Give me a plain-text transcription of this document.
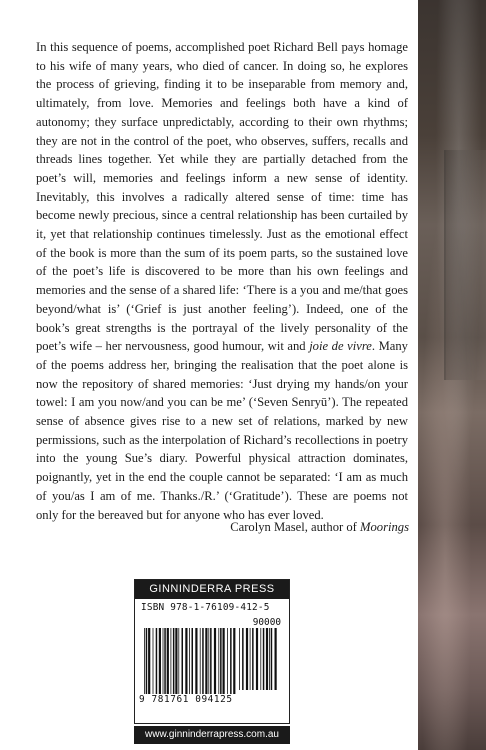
In this sequence of poems, accomplished poet Richard Bell pays homage to his wife of many years, who died of cancer. In doing so, he explores the process of grieving, finding it to be inseparable from memory and, ultimately, from love. Memories and feelings both have a kind of autonomy; they surface unpredictably, according to their own rhythms; they are not in the control of the poet, who observes, suffers, recalls and threads lines together. Yet while they are partially detached from the poet’s will, memories and feelings inform a new sense of identity. Inevitably, this involves a radically altered sense of time: time has become newly precious, since a central relationship has been curtailed by it, yet that relationship continues timelessly. Just as the emotional effect of the book is more than the sum of its poem parts, so the sustained love of the poet’s life is discovered to be more than his own feelings and memories and the sense of a shared life: ‘There is a you and me/that goes beyond/what is’ (‘Grief is just another feeling’). Indeed, one of the book’s great strengths is the portrayal of the lively personality of the poet’s wife – her nervousness, good humour, wit and joie de vivre. Many of the poems address her, bringing the realisation that the poet alone is now the repository of shared memories: ‘Just drying my hands/on your towel: I am you now/and you can be me’ (‘Seven Senryū’). The repeated sense of absence gives rise to a new set of relations, marked by new permissions, such as the interpolation of Richard’s recollections in poetry into the young Sue’s diary. Powerful physical attraction dominates, poignantly, yet in the end the couple cannot be separated: ‘I am as much of you/as I am of me. Thanks./R.’ (‘Gratitude’). These are poems not only for the bereaved but for anyone who has ever loved.
Carolyn Masel, author of Moorings
GINNINDERRA PRESS
ISBN 978-1-76109-412-5
90000
9 781761 094125
www.ginninderrapress.com.au
